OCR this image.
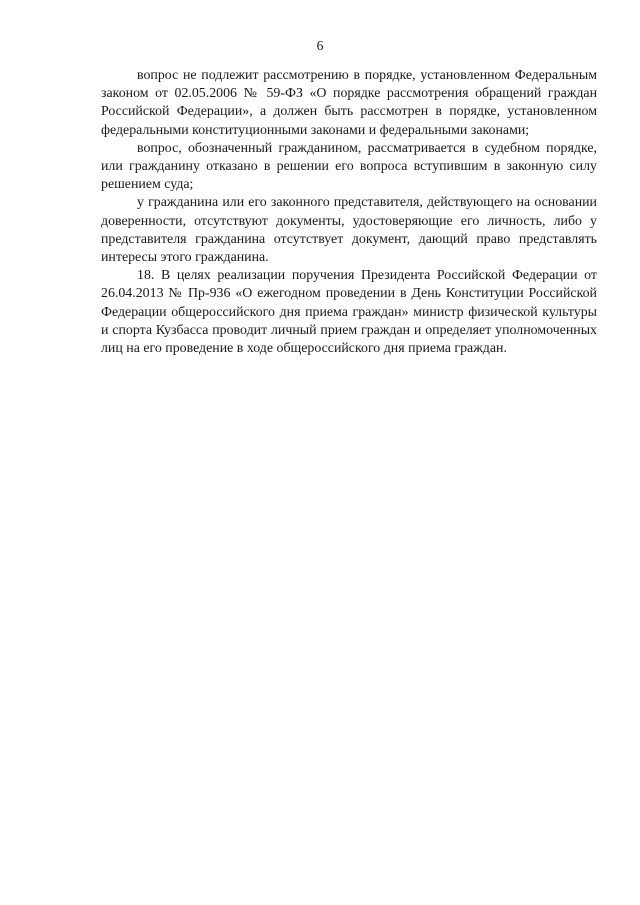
6

вопрос не подлежит рассмотрению в порядке, установленном Федеральным законом от 02.05.2006 № 59-ФЗ «О порядке рассмотрения обращений граждан Российской Федерации», а должен быть рассмотрен в порядке, установленном федеральными конституционными законами и федеральными законами;

вопрос, обозначенный гражданином, рассматривается в судебном порядке, или гражданину отказано в решении его вопроса вступившим в законную силу решением суда;

у гражданина или его законного представителя, действующего на основании доверенности, отсутствуют документы, удостоверяющие его личность, либо у представителя гражданина отсутствует документ, дающий право представлять интересы этого гражданина.

18. В целях реализации поручения Президента Российской Федерации от 26.04.2013 № Пр-936 «О ежегодном проведении в День Конституции Российской Федерации общероссийского дня приема граждан» министр физической культуры и спорта Кузбасса проводит личный прием граждан и определяет уполномоченных лиц на его проведение в ходе общероссийского дня приема граждан.
